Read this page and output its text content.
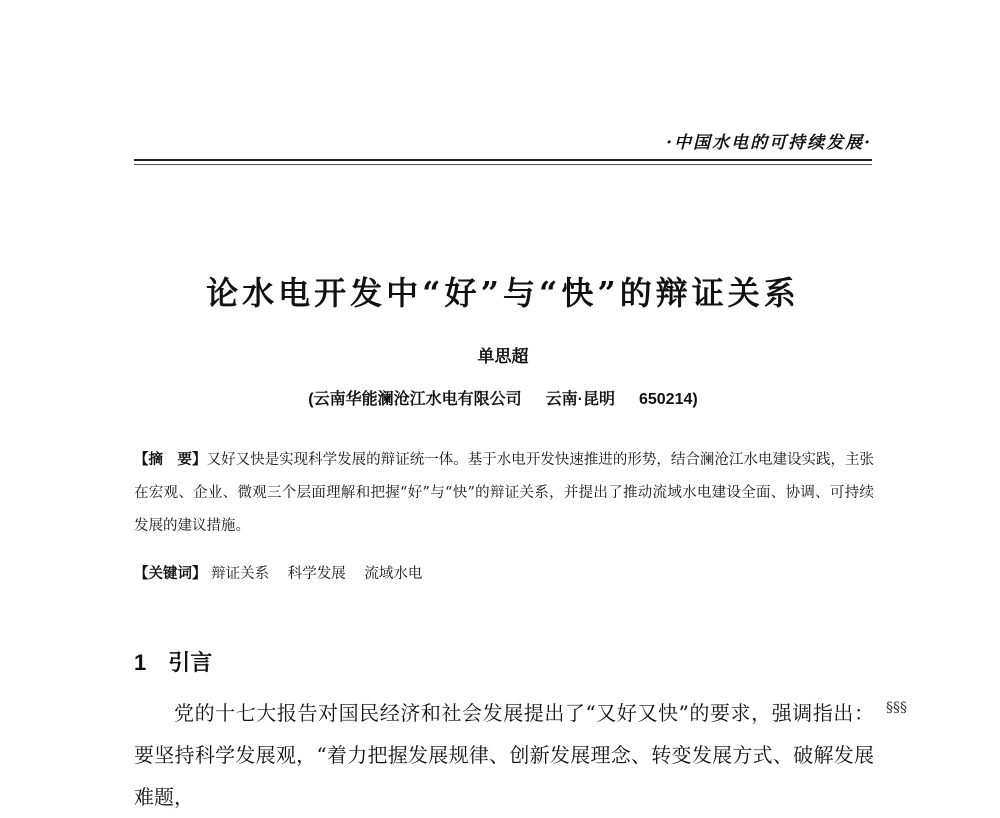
·中国水电的可持续发展·
论水电开发中“好”与“快”的辩证关系
单思超
(云南华能澜沧江水电有限公司 云南·昆明 650214)
【摘　要】又好又快是实现科学发展的辩证统一体。基于水电开发快速推进的形势，结合澜沧江水电建设实践，主张在宏观、企业、微观三个层面理解和把握“好”与“快”的辩证关系，并提出了推动流域水电建设全面、协调、可持续发展的建议措施。
【关键词】 辩证关系 科学发展 流域水电
1 引言
党的十七大报告对国民经济和社会发展提出了“又好又快”的要求，强调指出：要坚持科学发展观，“着力把握发展规律、创新发展理念、转变发展方式、破解发展难题，
§§§
